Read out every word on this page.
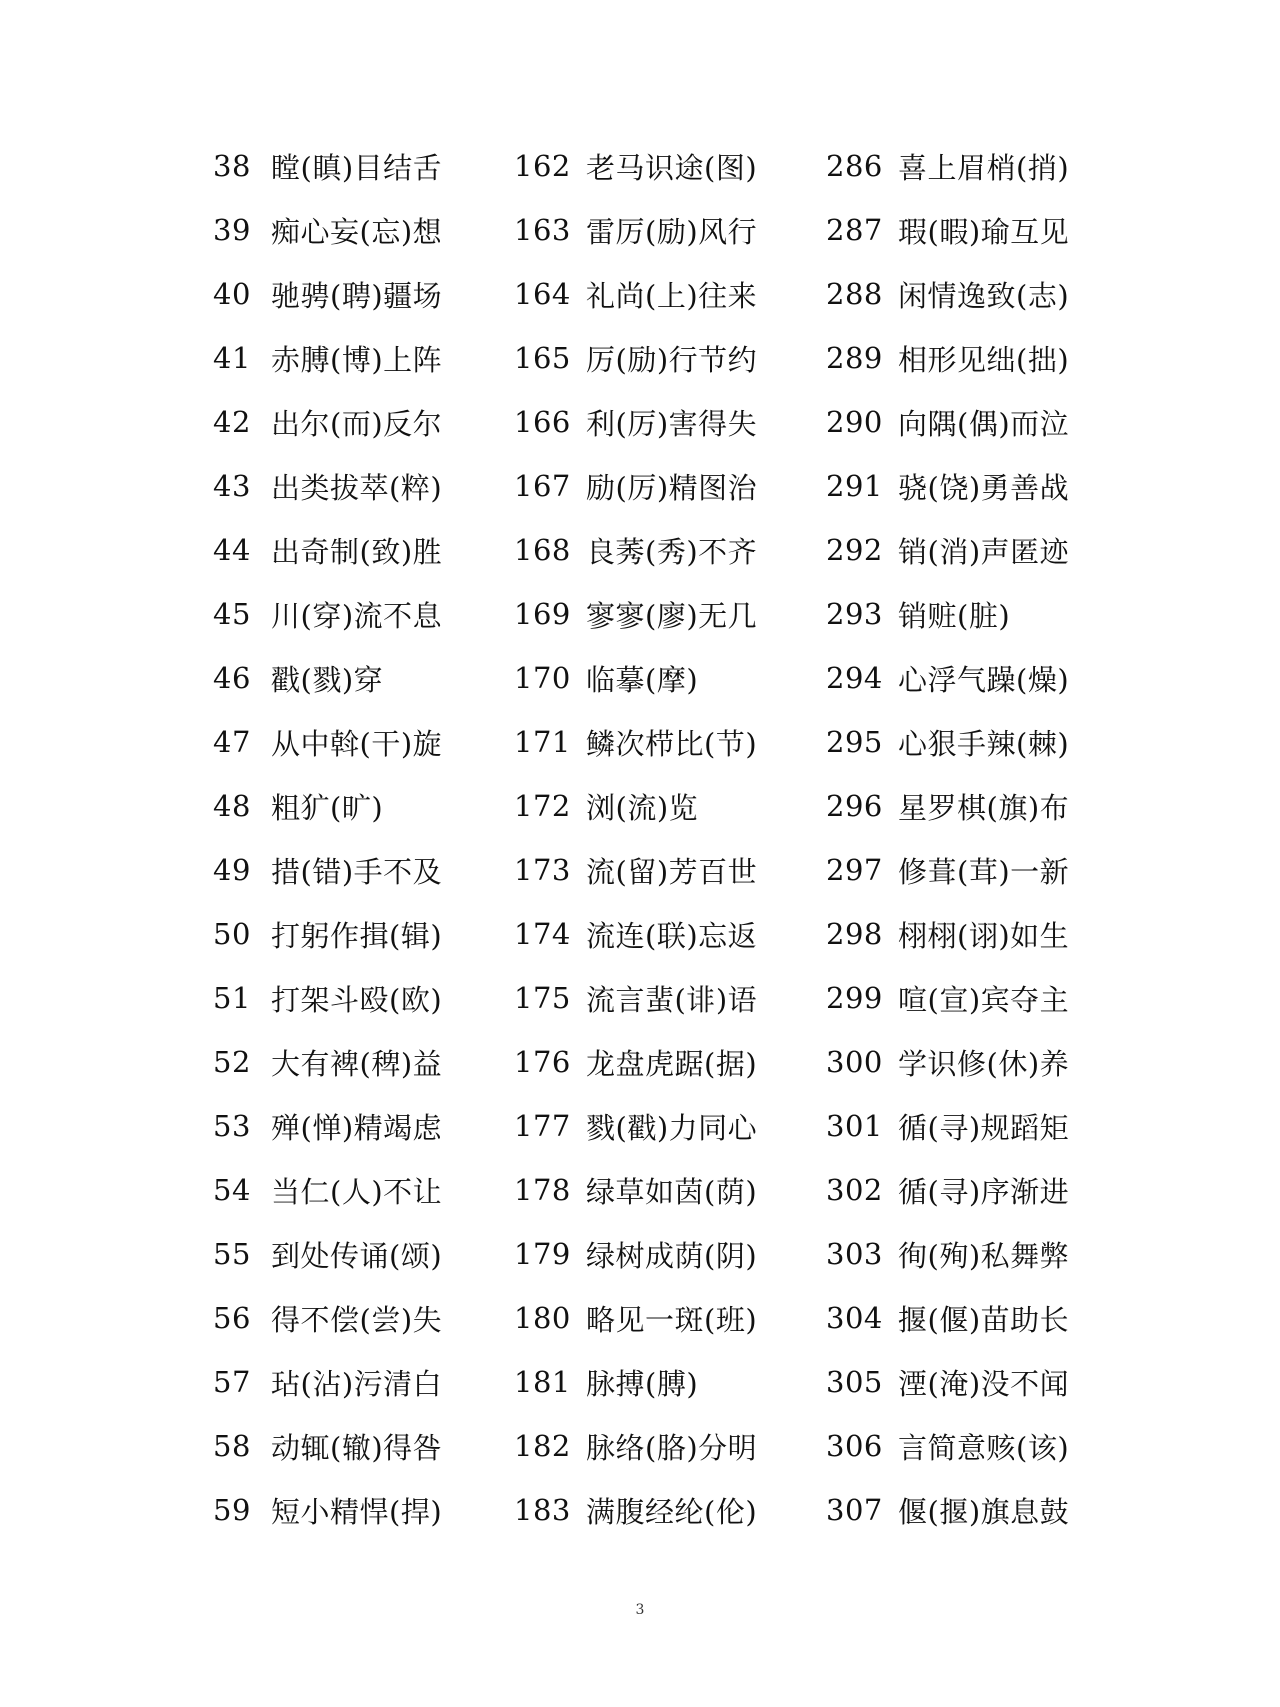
38 瞠(瞋)目结舌
39 痴心妄(忘)想
40 驰骋(聘)疆场
41 赤膊(博)上阵
42 出尔(而)反尔
43 出类拔萃(粹)
44 出奇制(致)胜
45 川(穿)流不息
46 戳(戮)穿
47 从中斡(干)旋
48 粗犷(旷)
49 措(错)手不及
50 打躬作揖(辑)
51 打架斗殴(欧)
52 大有裨(稗)益
53 殚(惮)精竭虑
54 当仁(人)不让
55 到处传诵(颂)
56 得不偿(尝)失
57 玷(沾)污清白
58 动辄(辙)得咎
59 短小精悍(捍)
162 老马识途(图)
163 雷厉(励)风行
164 礼尚(上)往来
165 厉(励)行节约
166 利(厉)害得失
167 励(厉)精图治
168 良莠(秀)不齐
169 寥寥(廖)无几
170 临摹(摩)
171 鳞次栉比(节)
172 浏(流)览
173 流(留)芳百世
174 流连(联)忘返
175 流言蜚(诽)语
176 龙盘虎踞(据)
177 戮(戳)力同心
178 绿草如茵(荫)
179 绿树成荫(阴)
180 略见一斑(班)
181 脉搏(膊)
182 脉络(胳)分明
183 满腹经纶(伦)
286 喜上眉梢(捎)
287 瑕(暇)瑜互见
288 闲情逸致(志)
289 相形见绌(拙)
290 向隅(偶)而泣
291 骁(饶)勇善战
292 销(消)声匿迹
293 销赃(脏)
294 心浮气躁(燥)
295 心狠手辣(棘)
296 星罗棋(旗)布
297 修葺(茸)一新
298 栩栩(诩)如生
299 喧(宣)宾夺主
300 学识修(休)养
301 循(寻)规蹈矩
302 循(寻)序渐进
303 徇(殉)私舞弊
304 揠(偃)苗助长
305 湮(淹)没不闻
306 言简意赅(该)
307 偃(揠)旗息鼓
3
